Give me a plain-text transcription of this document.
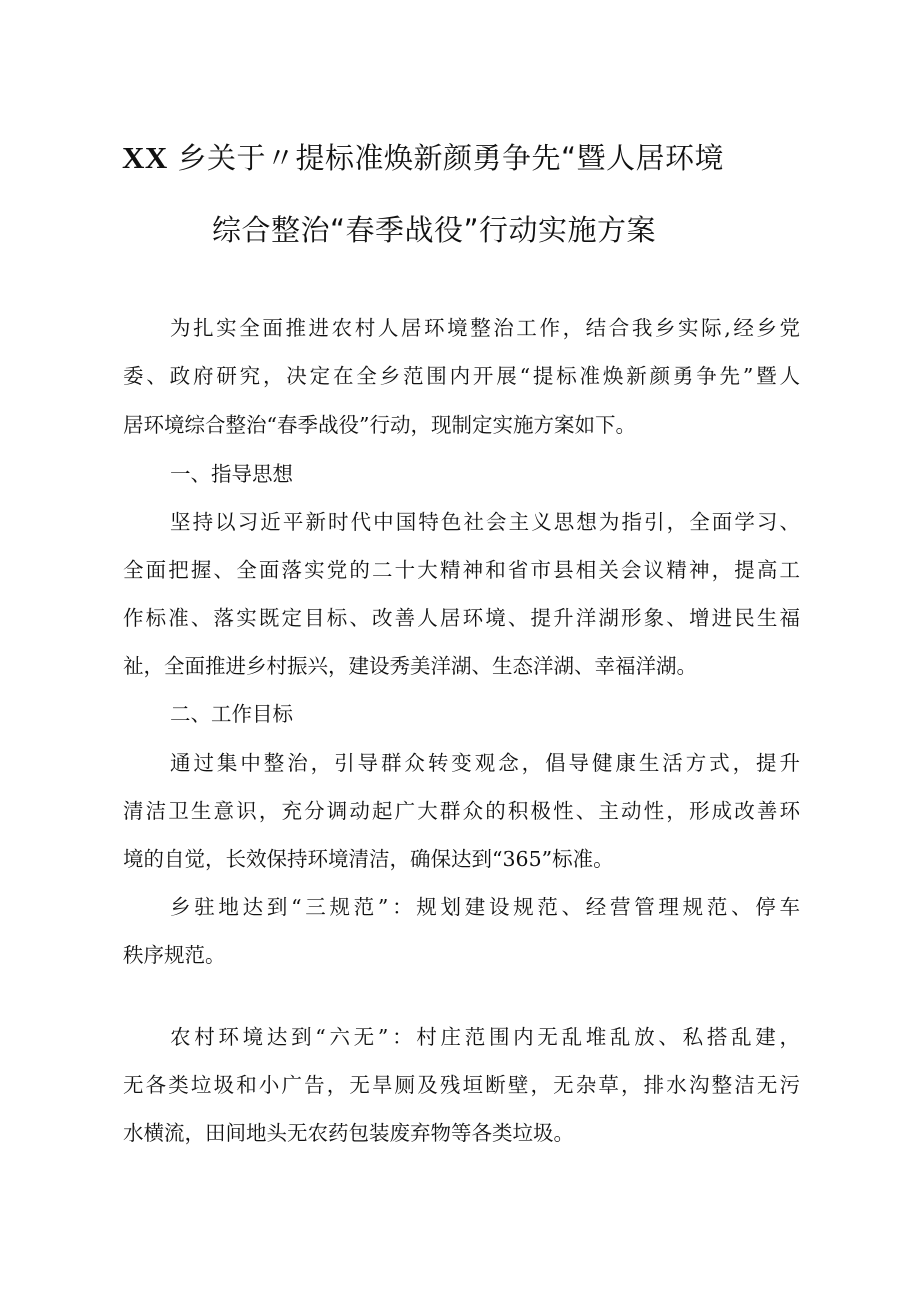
XX 乡关于〃提标准焕新颜勇争先“暨人居环境
综合整治“春季战役”行动实施方案
为扎实全面推进农村人居环境整治工作，结合我乡实际,经乡党
委、政府研究，决定在全乡范围内开展“提标准焕新颜勇争先”暨人
居环境综合整治“春季战役”行动，现制定实施方案如下。
一、指导思想
坚持以习近平新时代中国特色社会主义思想为指引，全面学习、
全面把握、全面落实党的二十大精神和省市县相关会议精神，提高工
作标准、落实既定目标、改善人居环境、提升洋湖形象、增进民生福
祉，全面推进乡村振兴，建设秀美洋湖、生态洋湖、幸福洋湖。
二、工作目标
通过集中整治，引导群众转变观念，倡导健康生活方式，提升
清洁卫生意识，充分调动起广大群众的积极性、主动性，形成改善环
境的自觉，长效保持环境清洁，确保达到“365”标准。
乡驻地达到“三规范”：规划建设规范、经营管理规范、停车
秩序规范。
农村环境达到“六无”：村庄范围内无乱堆乱放、私搭乱建，
无各类垃圾和小广告，无旱厕及残垣断壁，无杂草，排水沟整洁无污
水横流，田间地头无农药包装废弃物等各类垃圾。
